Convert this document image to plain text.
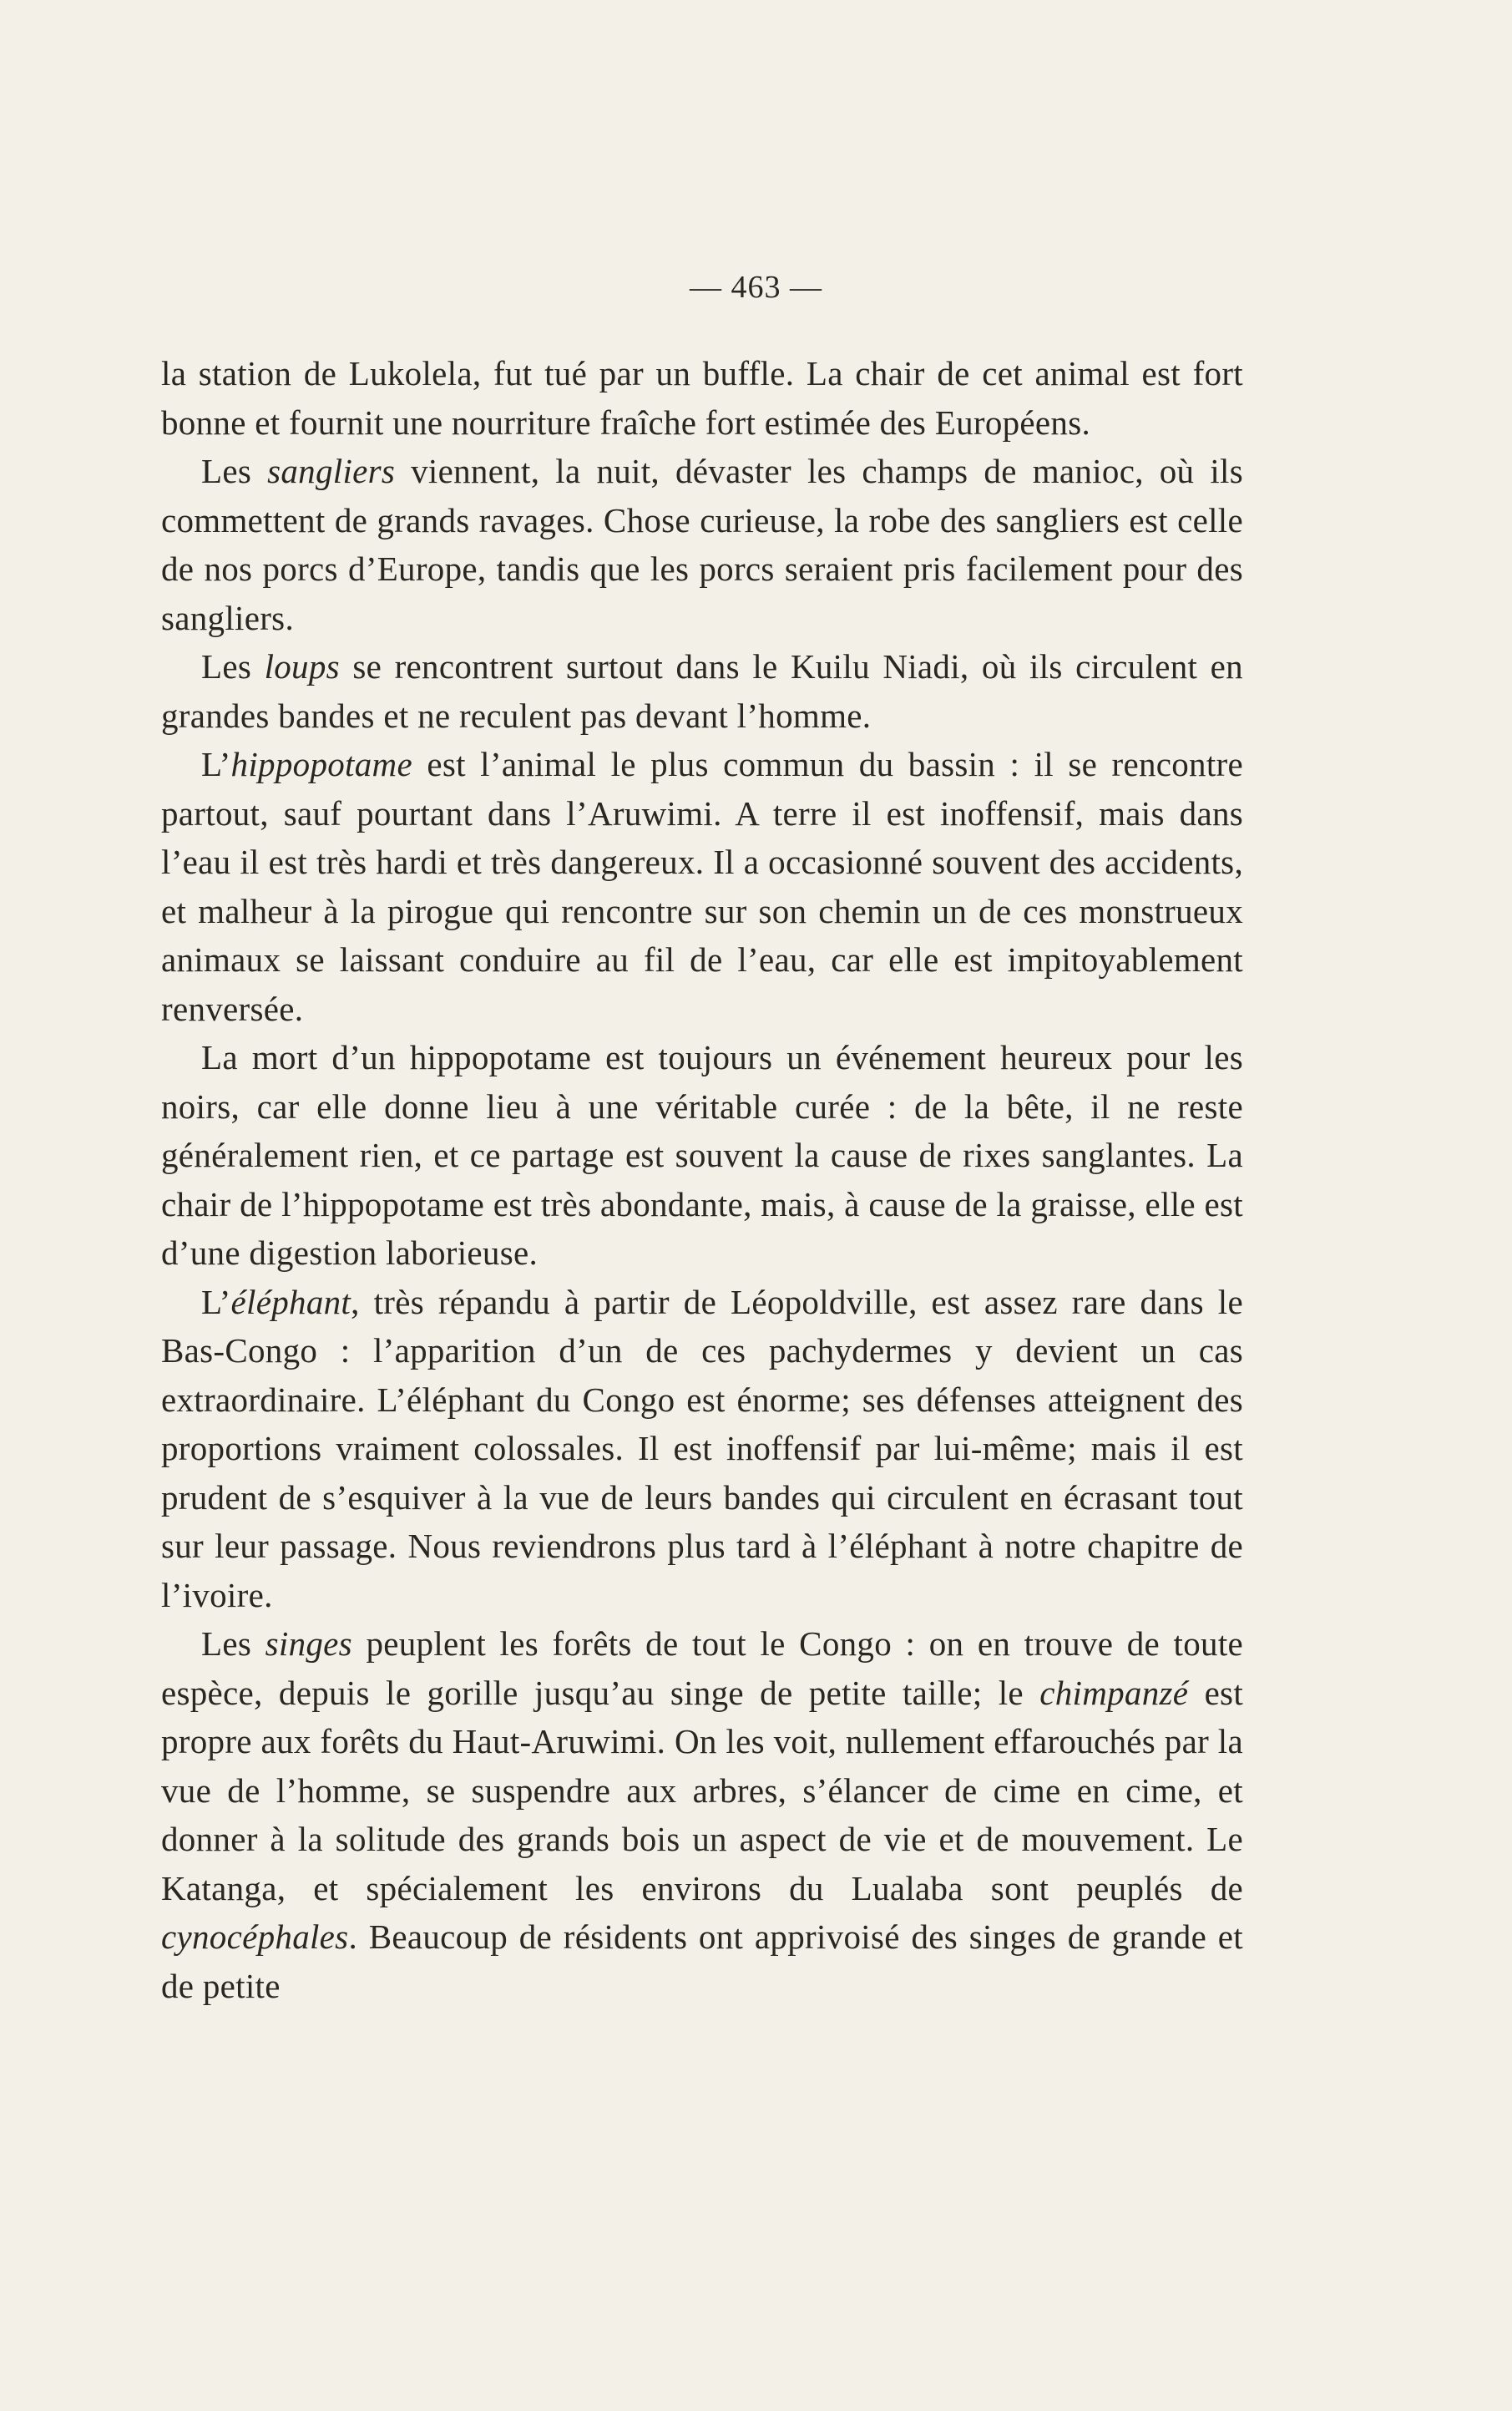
— 463 —

la station de Lukolela, fut tué par un buffle. La chair de cet animal est fort bonne et fournit une nourriture fraîche fort estimée des Européens.

Les sangliers viennent, la nuit, dévaster les champs de manioc, où ils commettent de grands ravages. Chose curieuse, la robe des sangliers est celle de nos porcs d’Europe, tandis que les porcs seraient pris facilement pour des sangliers.

Les loups se rencontrent surtout dans le Kuilu Niadi, où ils circulent en grandes bandes et ne reculent pas devant l’homme.

L’hippopotame est l’animal le plus commun du bassin : il se rencontre partout, sauf pourtant dans l’Aruwimi. A terre il est inoffensif, mais dans l’eau il est très hardi et très dangereux. Il a occasionné souvent des accidents, et malheur à la pirogue qui rencontre sur son chemin un de ces monstrueux animaux se laissant conduire au fil de l’eau, car elle est impitoyablement renversée.

La mort d’un hippopotame est toujours un événement heureux pour les noirs, car elle donne lieu à une véritable curée : de la bête, il ne reste généralement rien, et ce partage est souvent la cause de rixes sanglantes. La chair de l’hippopotame est très abondante, mais, à cause de la graisse, elle est d’une digestion laborieuse.

L’éléphant, très répandu à partir de Léopoldville, est assez rare dans le Bas-Congo : l’apparition d’un de ces pachydermes y devient un cas extraordinaire. L’éléphant du Congo est énorme; ses défenses atteignent des proportions vraiment colossales. Il est inoffensif par lui-même; mais il est prudent de s’esquiver à la vue de leurs bandes qui circulent en écrasant tout sur leur passage. Nous reviendrons plus tard à l’éléphant à notre chapitre de l’ivoire.

Les singes peuplent les forêts de tout le Congo : on en trouve de toute espèce, depuis le gorille jusqu’au singe de petite taille; le chimpanzé est propre aux forêts du Haut-Aruwimi. On les voit, nullement effarouchés par la vue de l’homme, se suspendre aux arbres, s’élancer de cime en cime, et donner à la solitude des grands bois un aspect de vie et de mouvement. Le Katanga, et spécialement les environs du Lualaba sont peuplés de cynocéphales. Beaucoup de résidents ont apprivoisé des singes de grande et de petite
